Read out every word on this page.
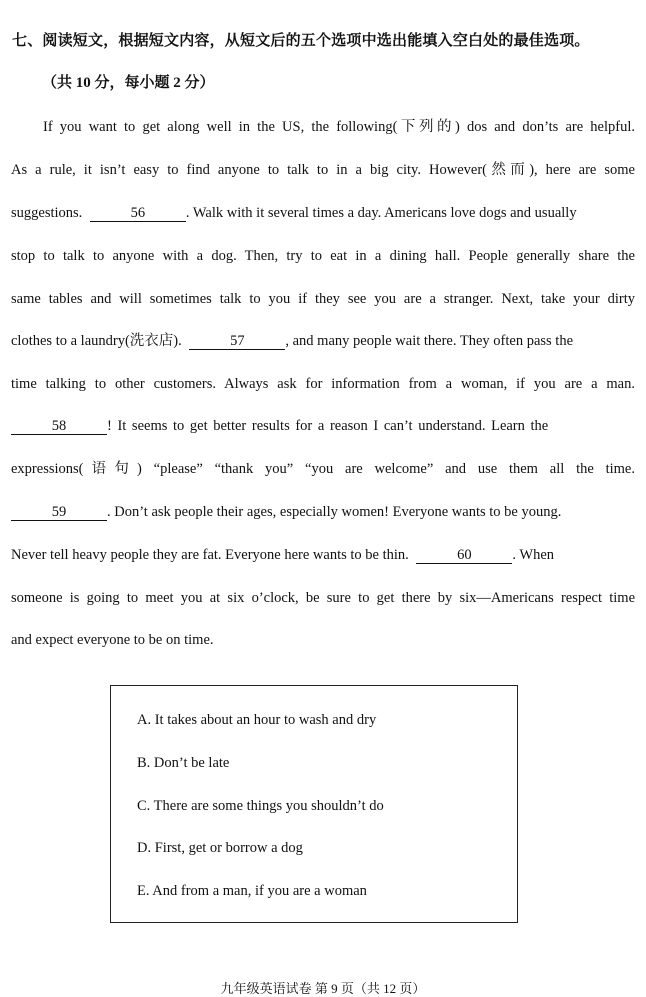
七、阅读短文，根据短文内容，从短文后的五个选项中选出能填入空白处的最佳选项。
（共 10 分，每小题 2 分）
If you want to get along well in the US, the following(下列的) dos and don’ts are helpful.
As a rule, it isn’t easy to find anyone to talk to in a big city. However(然而), here are some
suggestions.	56	. Walk with it several times a day. Americans love dogs and usually
stop to talk to anyone with a dog. Then, try to eat in a dining hall. People generally share the
same tables and will sometimes talk to you if they see you are a stranger. Next, take your dirty
clothes to a laundry(洗衣店).	57	, and many people wait there. They often pass the
time talking to other customers. Always ask for information from a woman, if you are a man.
58	! It seems to get better results for a reason I can’t understand. Learn the
expressions(语句) “please” “thank you” “you are welcome” and use them all the time.
59	. Don’t ask people their ages, especially women! Everyone wants to be young.
Never tell heavy people they are fat. Everyone here wants to be thin.	60	. When
someone is going to meet you at six o’clock, be sure to get there by six—Americans respect time
and expect everyone to be on time.
A. It takes about an hour to wash and dry
B. Don’t be late
C. There are some things you shouldn’t do
D. First, get or borrow a dog
E. And from a man, if you are a woman
九年级英语试卷 第 9 页（共 12 页）
